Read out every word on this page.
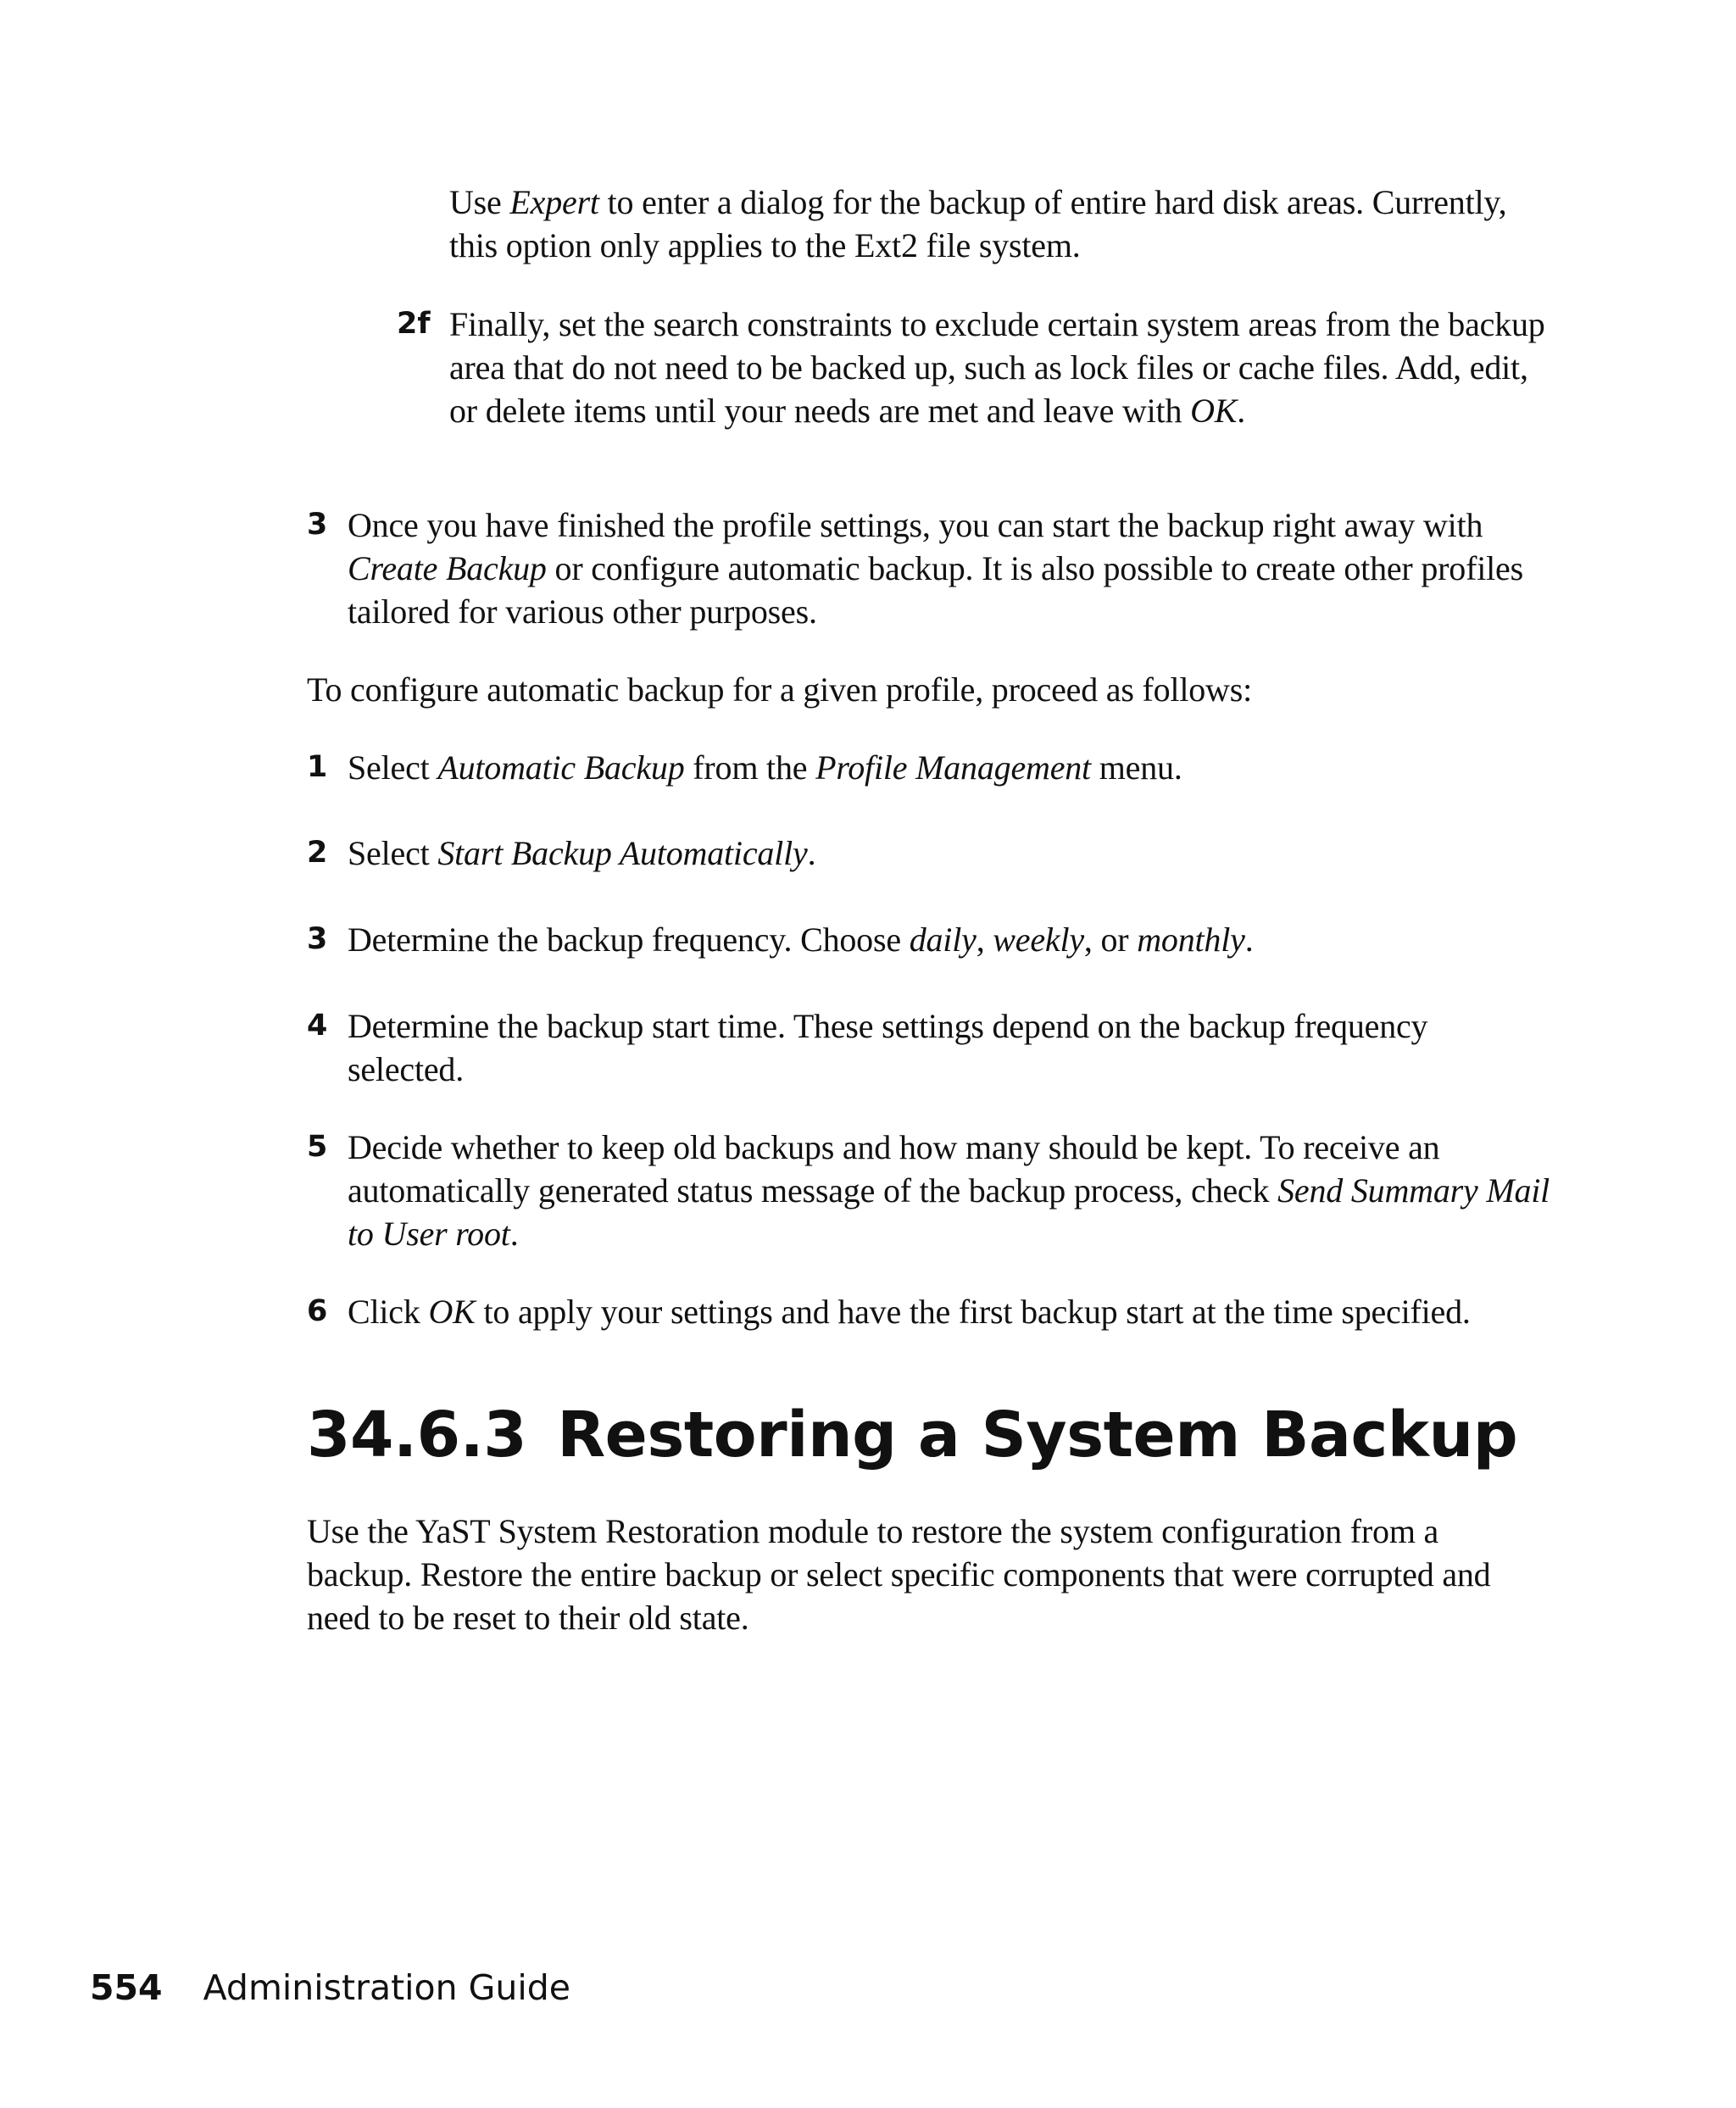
Use Expert to enter a dialog for the backup of entire hard disk areas. Currently, this option only applies to the Ext2 file system.

2f Finally, set the search constraints to exclude certain system areas from the backup area that do not need to be backed up, such as lock files or cache files. Add, edit, or delete items until your needs are met and leave with OK.

3 Once you have finished the profile settings, you can start the backup right away with Create Backup or configure automatic backup. It is also possible to create other profiles tailored for various other purposes.

To configure automatic backup for a given profile, proceed as follows:

1 Select Automatic Backup from the Profile Management menu.

2 Select Start Backup Automatically.

3 Determine the backup frequency. Choose daily, weekly, or monthly.

4 Determine the backup start time. These settings depend on the backup frequency selected.

5 Decide whether to keep old backups and how many should be kept. To receive an automatically generated status message of the backup process, check Send Summary Mail to User root.

6 Click OK to apply your settings and have the first backup start at the time specified.

34.6.3 Restoring a System Backup

Use the YaST System Restoration module to restore the system configuration from a backup. Restore the entire backup or select specific components that were corrupted and need to be reset to their old state.

554 Administration Guide
